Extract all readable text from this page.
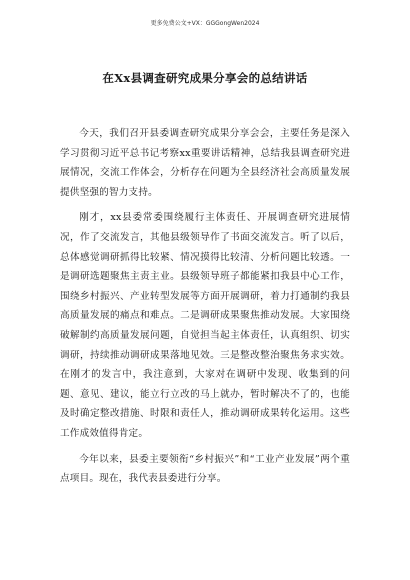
更多免费公文+VX：GGGongWen2024
在Xx县调查研究成果分享会的总结讲话

今天，我们召开县委调查研究成果分享会会，主要任务是深入学习贯彻习近平总书记考察xx重要讲话精神，总结我县调查研究进展情况，交流工作体会，分析存在问题为全县经济社会高质量发展提供坚强的智力支持。

刚才，xx县委常委围绕履行主体责任、开展调查研究进展情况，作了交流发言，其他县级领导作了书面交流发言。听了以后，总体感觉调研抓得比较紧、情况摸得比较清、分析问题比较透。一是调研选题聚焦主责主业。县级领导班子都能紧扣我县中心工作，围绕乡村振兴、产业转型发展等方面开展调研，着力打通制约我县高质量发展的痛点和难点。二是调研成果聚焦推动发展。大家围绕破解制约高质量发展问题，自觉担当起主体责任，认真组织、切实调研，持续推动调研成果落地见效。三是整改整治聚焦务求实效。在刚才的发言中，我注意到，大家对在调研中发现、收集到的问题、意见、建议，能立行立改的马上就办，暂时解决不了的，也能及时确定整改措施、时限和责任人，推动调研成果转化运用。这些工作成效值得肯定。

今年以来，县委主要领衔“乡村振兴”和“工业产业发展”两个重点项目。现在，我代表县委进行分享。
